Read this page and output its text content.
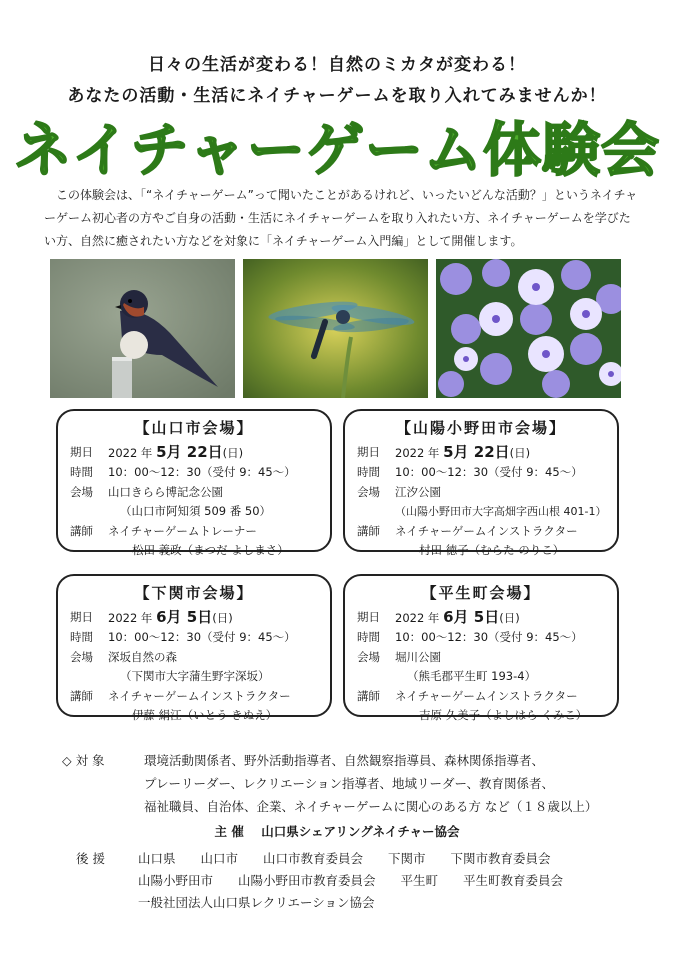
日々の生活が変わる！自然のミカタが変わる！
あなたの活動・生活にネイチャーゲームを取り入れてみませんか！
ネイチャーゲーム体験会

この体験会は、「“ネイチャーゲーム”って聞いたことがあるけれど、いったいどんな活動？」というネイチャーゲーム初心者の方やご自身の活動・生活にネイチャーゲームを取り入れたい方、ネイチャーゲームを学びたい方、自然に癒されたい方などを対象に「ネイチャーゲーム入門編」として開催します。

【山口市会場】
期日	2022 年 5月 22日(日)
時間	10：00〜12：30（受付 9：45〜）
会場	山口きらら博記念公園
（山口市阿知須 509 番 50）
講師	ネイチャーゲームトレーナー
松田 義政（まつだ よしまさ）
【山陽小野田市会場】
期日	2022 年 5月 22日(日)
時間	10：00〜12：30（受付 9：45〜）
会場	江汐公園
（山陽小野田市大字高畑字西山根 401-1）
講師	ネイチャーゲームインストラクター
村田 徳子（むらた のりこ）
【下関市会場】
期日	2022 年 6月 5日(日)
時間	10：00〜12：30（受付 9：45〜）
会場	深坂自然の森
（下関市大字蒲生野字深坂）
講師	ネイチャーゲームインストラクター
伊藤 絹江（いとう きぬえ）
【平生町会場】
期日	2022 年 6月 5日(日)
時間	10：00〜12：30（受付 9：45〜）
会場	堀川公園
（熊毛郡平生町 193-4）
講師	ネイチャーゲームインストラクター
吉原 久美子（よしはら くみこ）
◇ 対 象	環境活動関係者、野外活動指導者、自然観察指導員、森林関係指導者、
プレーリーダー、レクリエーション指導者、地域リーダー、教育関係者、
福祉職員、自治体、企業、ネイチャーゲームに関心のある方 など（１８歳以上）
主 催 山口県シェアリングネイチャー協会
後 援	山口県　　山口市　　山口市教育委員会　　下関市　　下関市教育委員会
山陽小野田市　　山陽小野田市教育委員会　　平生町　　平生町教育委員会
一般社団法人山口県レクリエーション協会
